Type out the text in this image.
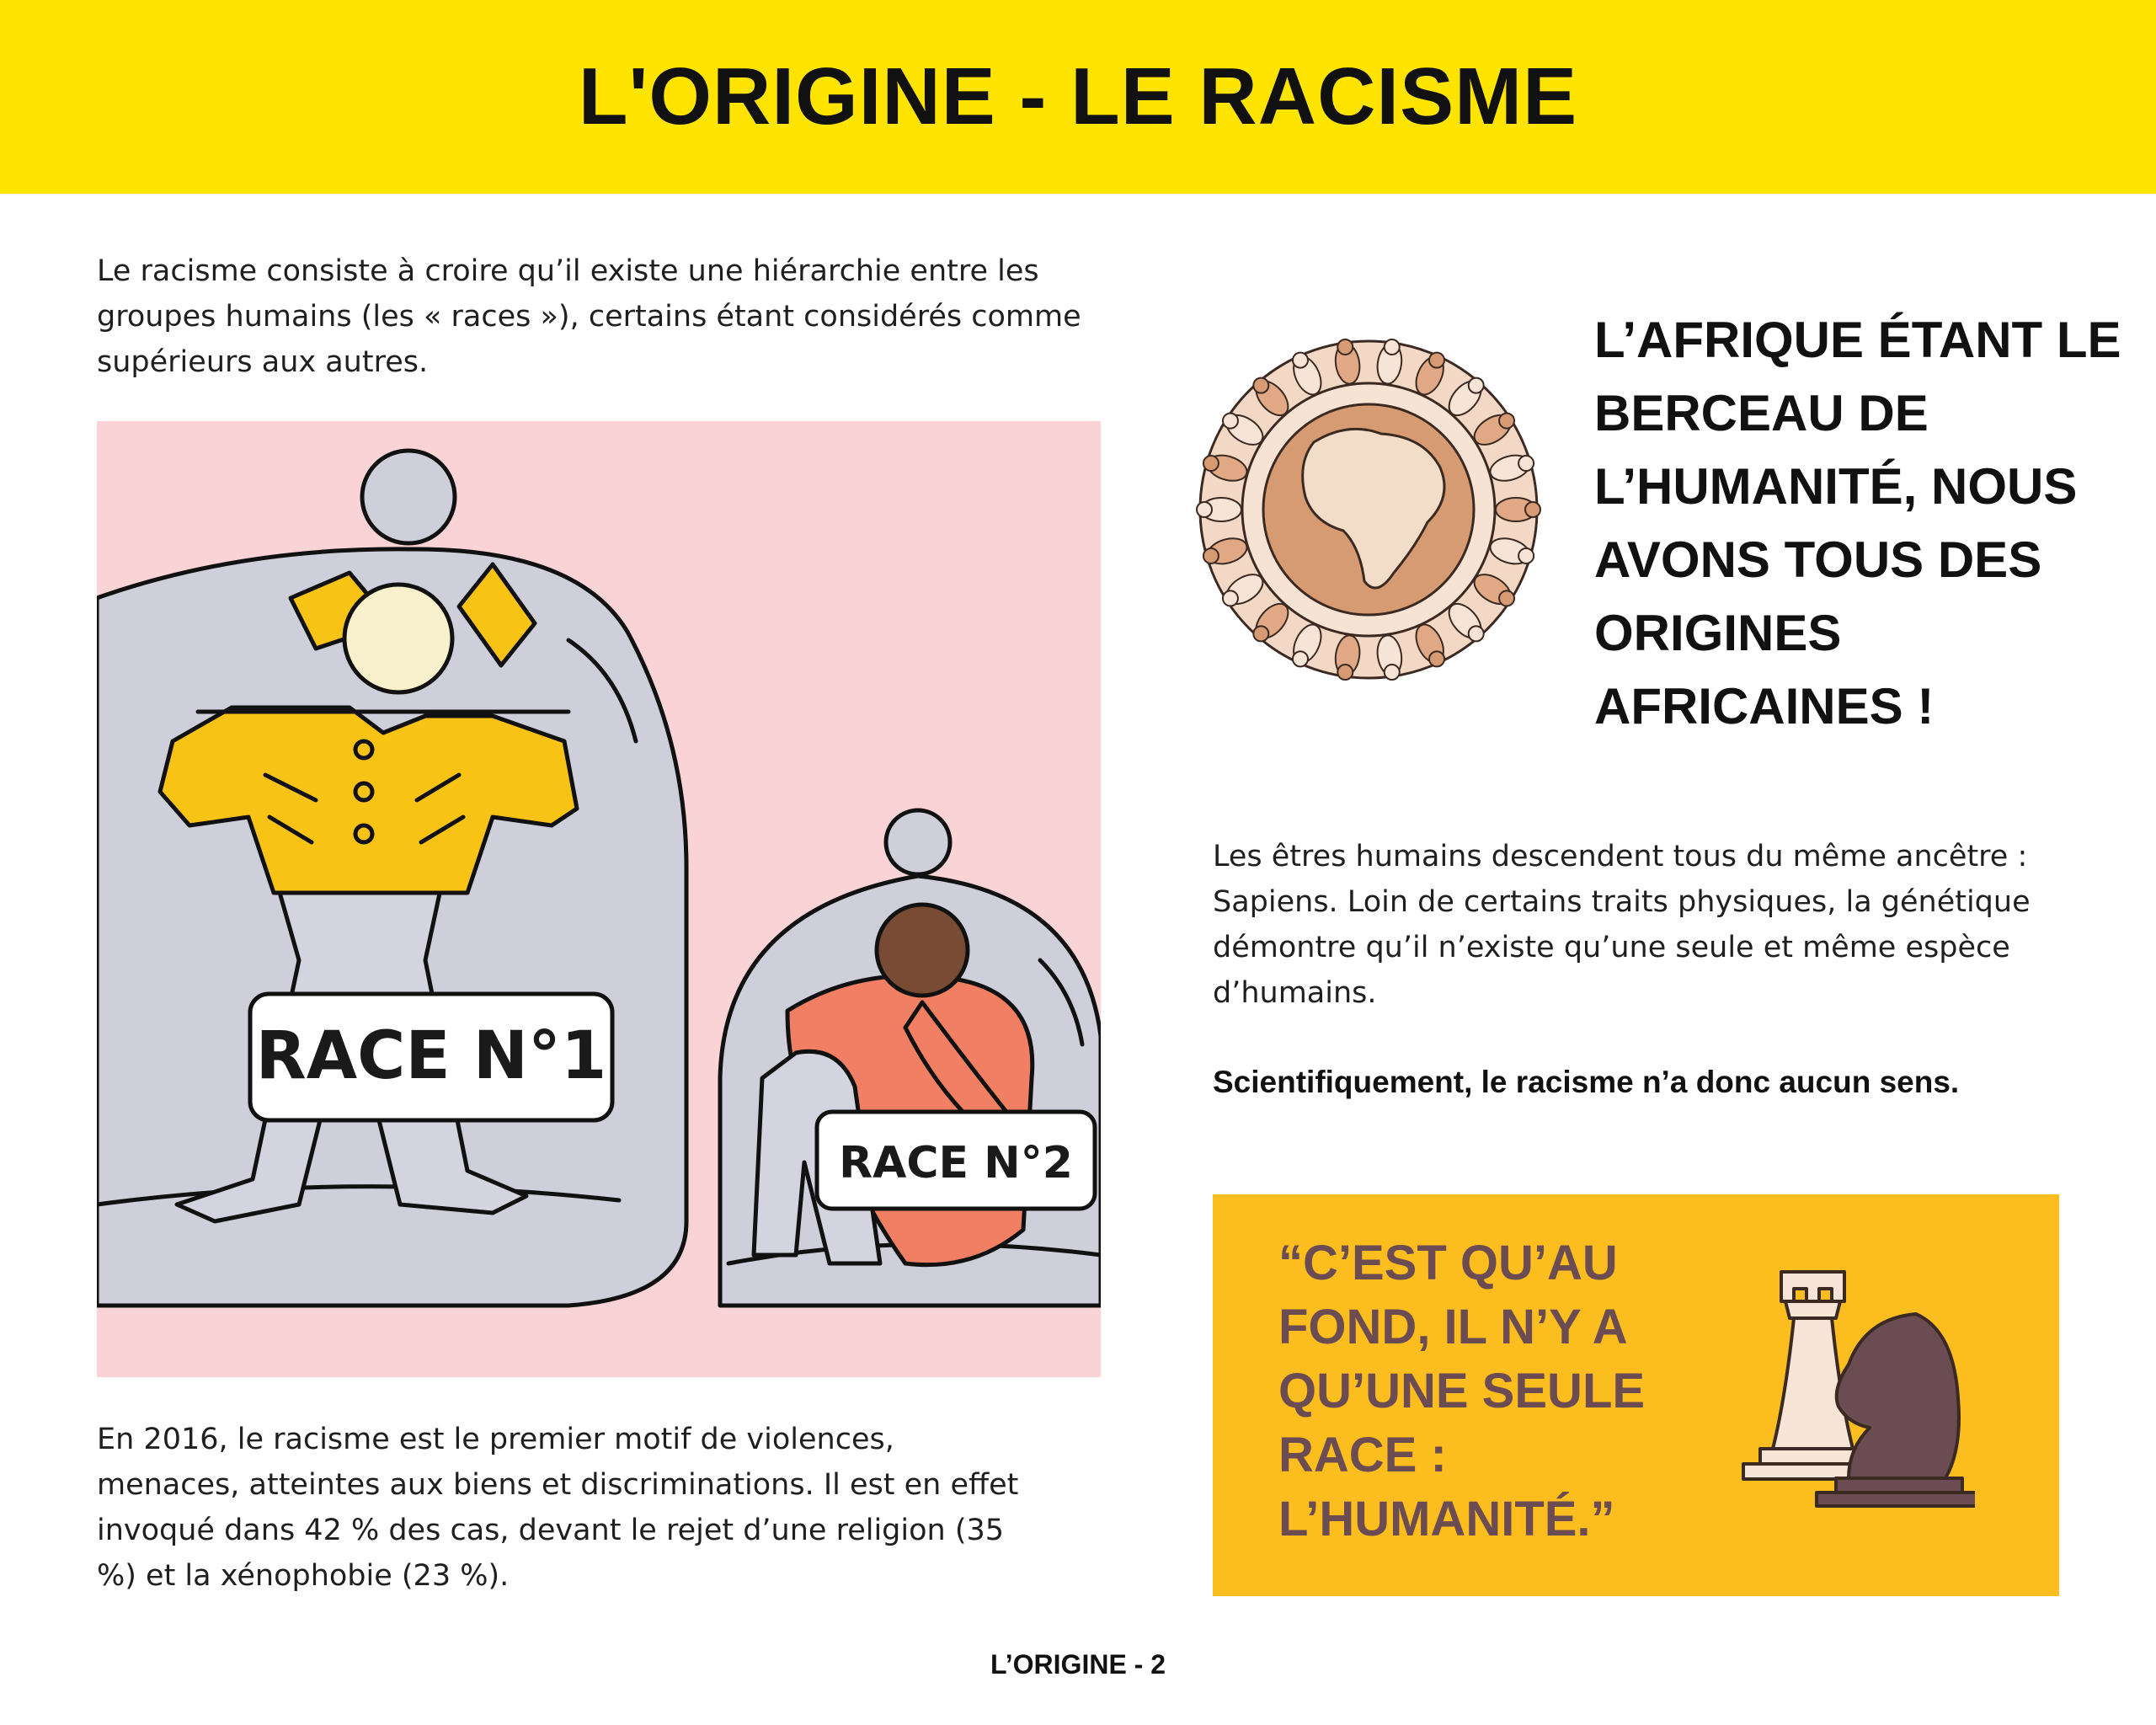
L'ORIGINE - LE RACISME

Le racisme consiste à croire qu’il existe une hiérarchie entre les groupes humains (les « races »), certains étant considérés comme supérieurs aux autres.

RACE N°1
RACE N°2

L’AFRIQUE ÉTANT LE BERCEAU DE L’HUMANITÉ, NOUS AVONS TOUS DES ORIGINES AFRICAINES !

Les êtres humains descendent tous du même ancêtre : Sapiens. Loin de certains traits physiques, la génétique démontre qu’il n’existe qu’une seule et même espèce d’humains.

Scientifiquement, le racisme n’a donc aucun sens.

En 2016, le racisme est le premier motif de violences, menaces, atteintes aux biens et discriminations. Il est en effet invoqué dans 42 % des cas, devant le rejet d’une religion (35 %) et la xénophobie (23 %).

“C’EST QU’AU FOND, IL N’Y A QU’UNE SEULE RACE : L’HUMANITÉ.”

L’ORIGINE - 2
